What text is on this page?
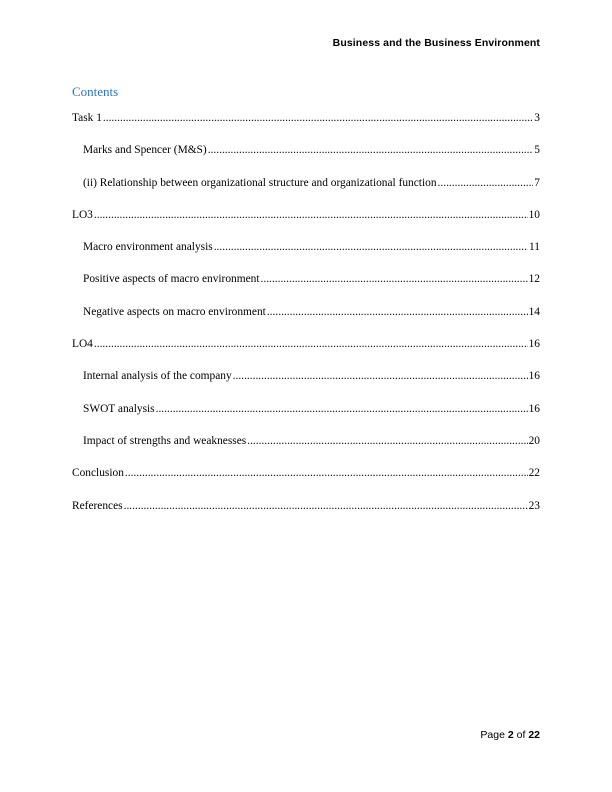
Business and the Business Environment
Contents
Task 1 .....	3
Marks and Spencer (M&S) .....	5
(ii) Relationship between organizational structure and organizational function .....	7
LO3 .....	10
Macro environment analysis .....	11
Positive aspects of macro environment .....	12
Negative aspects on macro environment .....	14
LO4 .....	16
Internal analysis of the company .....	16
SWOT analysis .....	16
Impact of strengths and weaknesses .....	20
Conclusion .....	22
References .....	23
Page 2 of 22
